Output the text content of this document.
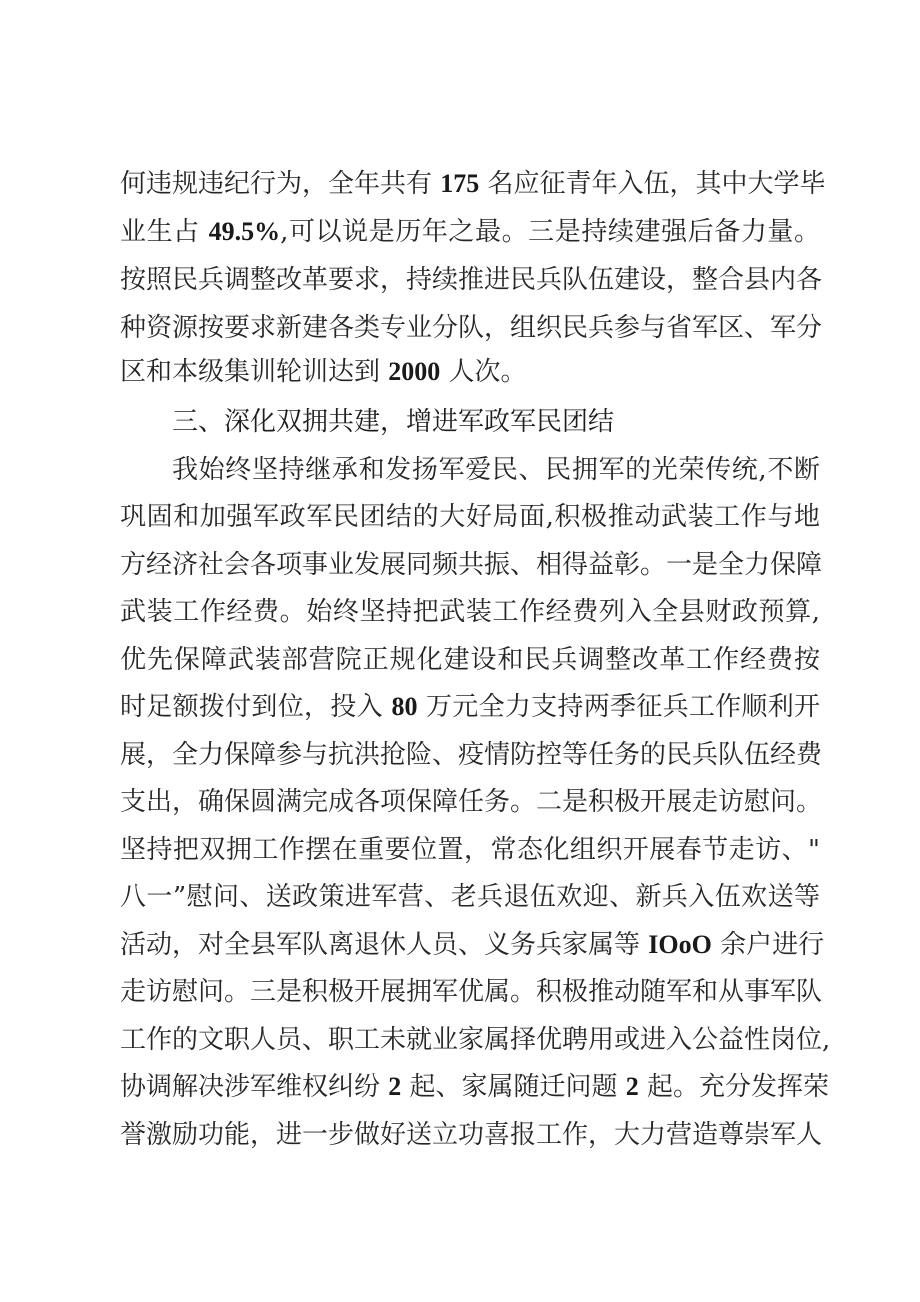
何违规违纪行为，全年共有 175 名应征青年入伍，其中大学毕
业生占 49.5%,可以说是历年之最。三是持续建强后备力量。
按照民兵调整改革要求，持续推进民兵队伍建设，整合县内各
种资源按要求新建各类专业分队，组织民兵参与省军区、军分
区和本级集训轮训达到 2000 人次。
三、深化双拥共建，增进军政军民团结
我始终坚持继承和发扬军爱民、民拥军的光荣传统,不断
巩固和加强军政军民团结的大好局面,积极推动武装工作与地
方经济社会各项事业发展同频共振、相得益彰。一是全力保障
武装工作经费。始终坚持把武装工作经费列入全县财政预算,
优先保障武装部营院正规化建设和民兵调整改革工作经费按
时足额拨付到位，投入 80 万元全力支持两季征兵工作顺利开
展，全力保障参与抗洪抢险、疫情防控等任务的民兵队伍经费
支出，确保圆满完成各项保障任务。二是积极开展走访慰问。
坚持把双拥工作摆在重要位置，常态化组织开展春节走访、"
八一”慰问、送政策进军营、老兵退伍欢迎、新兵入伍欢送等
活动，对全县军队离退休人员、义务兵家属等 IOoO 余户进行
走访慰问。三是积极开展拥军优属。积极推动随军和从事军队
工作的文职人员、职工未就业家属择优聘用或进入公益性岗位,
协调解决涉军维权纠纷 2 起、家属随迁问题 2 起。充分发挥荣
誉激励功能，进一步做好送立功喜报工作，大力营造尊崇军人
